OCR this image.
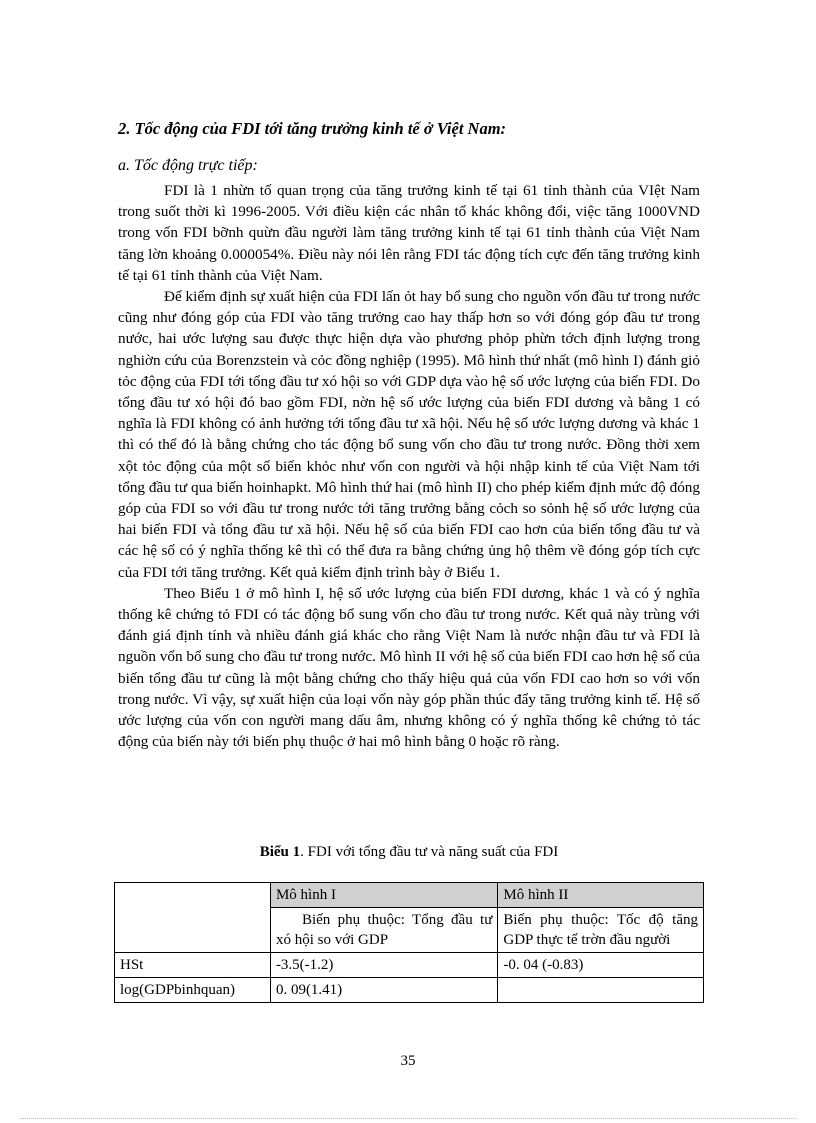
2. Tốc động của FDI tới tăng trưởng kinh tế ở Việt Nam:
a. Tốc động trực tiếp:

FDI là 1 nhừn tố quan trọng của tăng trưởng kinh tế tại 61 tỉnh thành của VIệt Nam trong suốt thời kì 1996-2005. Với điều kiện các nhân tố khác không đổi, việc tăng 1000VND trong vốn FDI bỡnh quừn đầu người làm tăng trưởng kinh tế tại 61 tỉnh thành của Việt Nam tăng lờn khoảng 0.000054%. Điều này nói lên rằng FDI tác động tích cực đến tăng trưởng kinh tế tại 61 tỉnh thành của Việt Nam.

Để kiểm định sự xuất hiện của FDI lấn ỏt hay bổ sung cho nguồn vốn đầu tư trong nước cũng như đóng góp của FDI vào tăng trưởng cao hay thấp hơn so với đóng góp đầu tư trong nước, hai ước lượng sau được thực hiện dựa vào phương phỏp phừn tớch định lượng trong nghiờn cứu của Borenzstein và cỏc đồng nghiệp (1995). Mô hình thứ nhất (mô hình I) đánh giỏ tỏc động của FDI tới tổng đầu tư xó hội so với GDP dựa vào hệ số ước lượng của biến FDI. Do tổng đầu tư xó hội đó bao gồm FDI, nờn hệ số ước lượng của biến FDI dương và bằng 1 có nghĩa là FDI không có ảnh hưởng tới tổng đầu tư xã hội. Nếu hệ số ước lượng dương và khác 1 thì có thể đó là bằng chứng cho tác động bổ sung vốn cho đầu tư trong nước. Đồng thời xem xột tỏc động của một số biến khỏc như vốn con người và hội nhập kinh tế của Việt Nam tới tổng đầu tư qua biến hoinhapkt. Mô hình thứ hai (mô hình II) cho phép kiểm định mức độ đóng góp của FDI so với đầu tư trong nước tới tăng trưởng bằng cỏch so sỏnh hệ số ước lượng của hai biến FDI và tổng đầu tư xã hội. Nếu hệ số của biến FDI cao hơn của biến tổng đầu tư và các hệ số có ý nghĩa thống kê thì có thể đưa ra bằng chứng ủng hộ thêm về đóng góp tích cực của FDI tới tăng trưởng. Kết quả kiểm định trình bày ở Biểu 1.

Theo Biểu 1 ở mô hình I, hệ số ước lượng của biến FDI dương, khác 1 và có ý nghĩa thống kê chứng tỏ FDI có tác động bổ sung vốn cho đầu tư trong nước. Kết quả này trùng với đánh giá định tính và nhiều đánh giá khác cho rằng Việt Nam là nước nhận đầu tư và FDI là nguồn vốn bổ sung cho đầu tư trong nước. Mô hình II với hệ số của biến FDI cao hơn hệ số của biến tổng đầu tư cũng là một bằng chứng cho thấy hiệu quả của vốn FDI cao hơn so với vốn trong nước. Vì vậy, sự xuất hiện của loại vốn này góp phần thúc đẩy tăng trưởng kinh tế. Hệ số ước lượng của vốn con người mang dấu âm, nhưng không có ý nghĩa thống kê chứng tỏ tác động của biến này tới biến phụ thuộc ở hai mô hình bằng 0 hoặc rõ ràng.

Biểu 1. FDI với tổng đầu tư và năng suất của FDI
	Mô hình I	Mô hình II
	Biến phụ thuộc: Tổng đầu tư xó hội so với GDP	Biến phụ thuộc: Tốc độ tăng GDP thực tế trờn đầu người
HSt	-3.5(-1.2)	-0. 04 (-0.83)
log(GDPbinhquan)	0. 09(1.41)	
35
